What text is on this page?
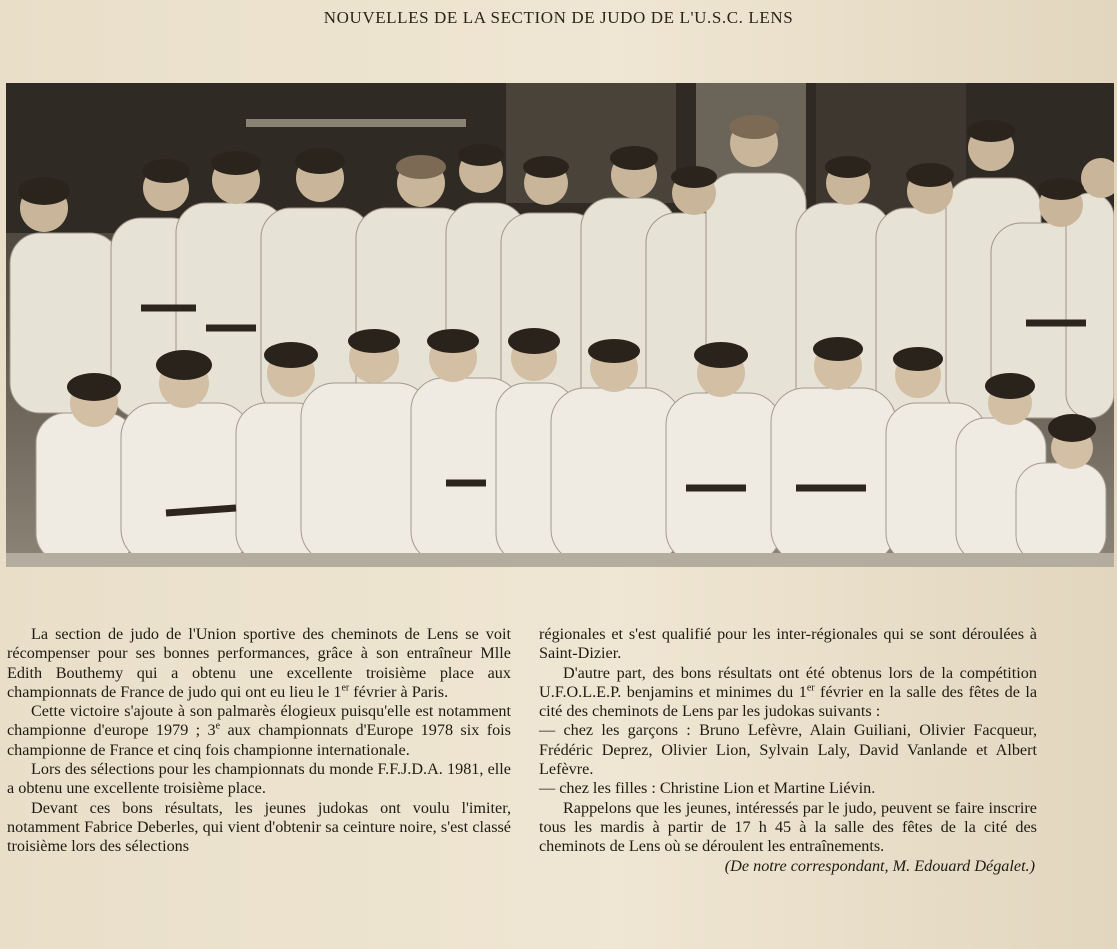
NOUVELLES DE LA SECTION DE JUDO DE L'U.S.C. LENS

La section de judo de l'Union sportive des cheminots de Lens se voit récompenser pour ses bonnes performances, grâce à son entraîneur Mlle Edith Bouthemy qui a obtenu une excellente troisième place aux championnats de France de judo qui ont eu lieu le 1er février à Paris.

Cette victoire s'ajoute à son palmarès élogieux puisqu'elle est notamment championne d'europe 1979 ; 3e aux championnats d'Europe 1978 six fois championne de France et cinq fois championne internationale.

Lors des sélections pour les championnats du monde F.F.J.D.A. 1981, elle a obtenu une excellente troisième place.

Devant ces bons résultats, les jeunes judokas ont voulu l'imiter, notamment Fabrice Deberles, qui vient d'obtenir sa ceinture noire, s'est classé troisième lors des sélections

régionales et s'est qualifié pour les inter-régionales qui se sont déroulées à Saint-Dizier.

D'autre part, des bons résultats ont été obtenus lors de la compétition U.F.O.L.E.P. benjamins et minimes du 1er février en la salle des fêtes de la cité des cheminots de Lens par les judokas suivants :

— chez les garçons : Bruno Lefèvre, Alain Guiliani, Olivier Facqueur, Frédéric Deprez, Olivier Lion, Sylvain Laly, David Vanlande et Albert Lefèvre.

— chez les filles : Christine Lion et Martine Liévin.

Rappelons que les jeunes, intéressés par le judo, peuvent se faire inscrire tous les mardis à partir de 17 h 45 à la salle des fêtes de la cité des cheminots de Lens où se déroulent les entraînements.

(De notre correspondant, M. Edouard Dégalet.)
